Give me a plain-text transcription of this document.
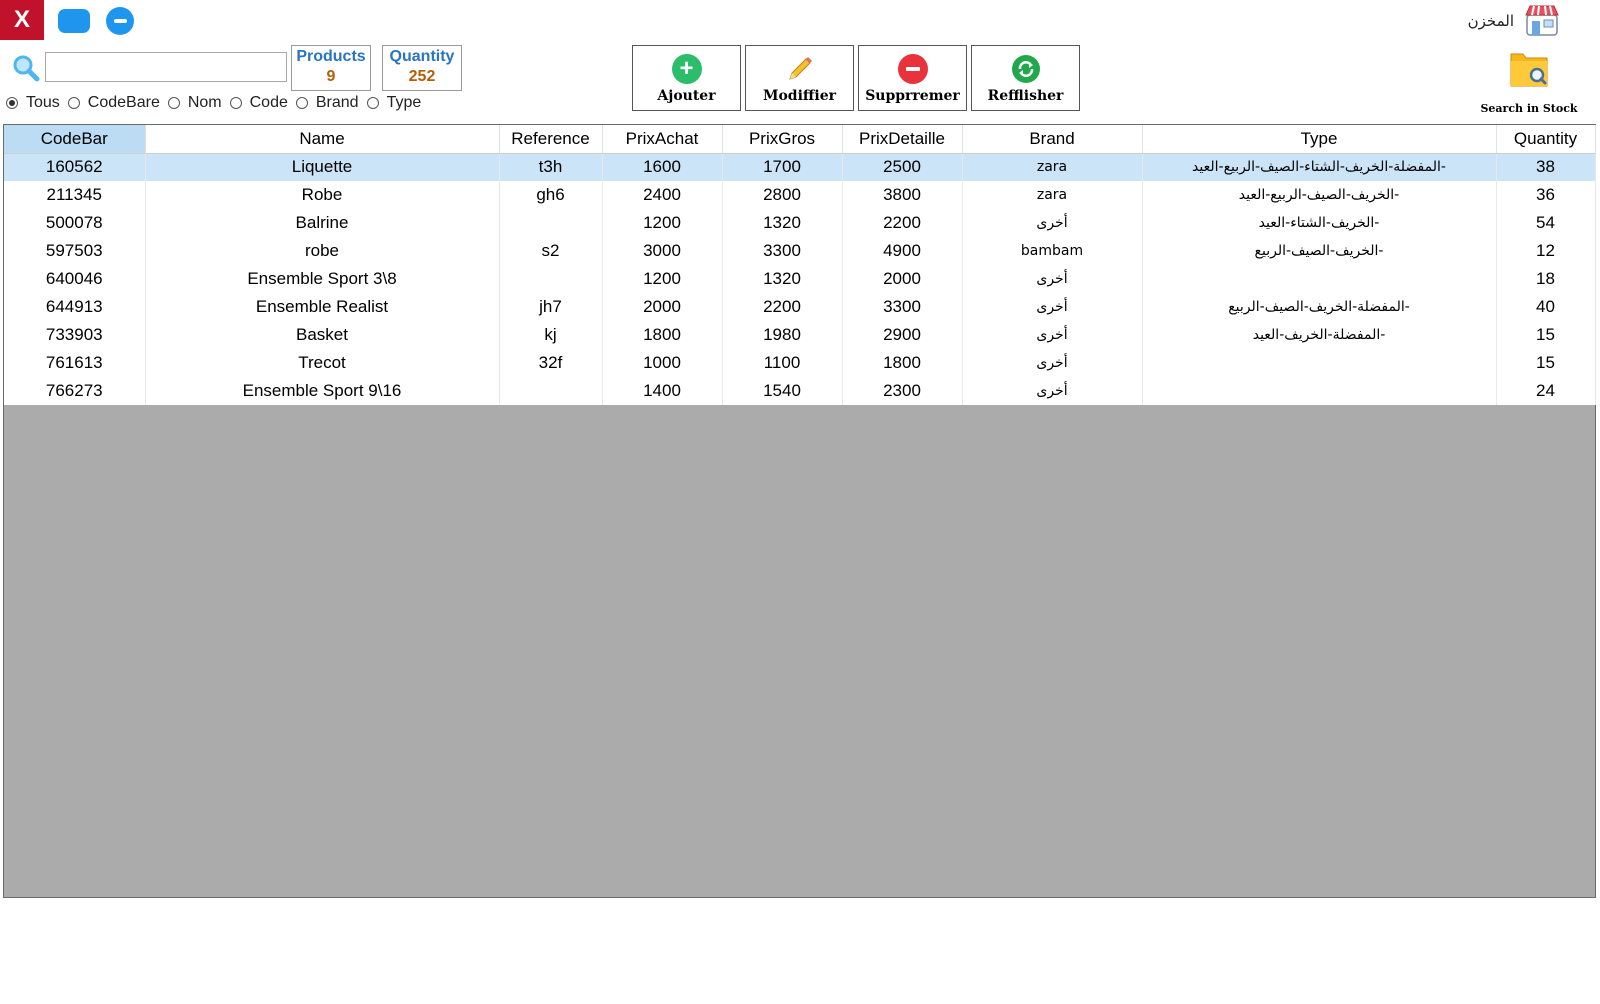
X	المخزن
Products
9
Quantity
252
Tous CodeBare Nom Code Brand Type
+
Ajouter	Modiffier Supprremer Refflisher
Search in Stock
CodeBar	Name	Reference	PrixAchat	PrixGros	PrixDetaille	Brand	Type	Quantity
160562	Liquette	t3h	1600	1700	2500	zara	-المفضلة-الخريف-الشتاء-الصيف-الربيع-العيد	38
211345	Robe	gh6	2400	2800	3800	zara	-الخريف-الصيف-الربيع-العيد	36
500078	Balrine		1200	1320	2200	أخرى	-الخريف-الشتاء-العيد	54
597503	robe	s2	3000	3300	4900	bambam	-الخريف-الصيف-الربيع	12
640046	Ensemble Sport 3\8		1200	1320	2000	أخرى		18
644913	Ensemble Realist	jh7	2000	2200	3300	أخرى	-المفضلة-الخريف-الصيف-الربيع	40
733903	Basket	kj	1800	1980	2900	أخرى	-المفضلة-الخريف-العيد	15
761613	Trecot	32f	1000	1100	1800	أخرى		15
766273	Ensemble Sport 9\16		1400	1540	2300	أخرى		24
خمسات
